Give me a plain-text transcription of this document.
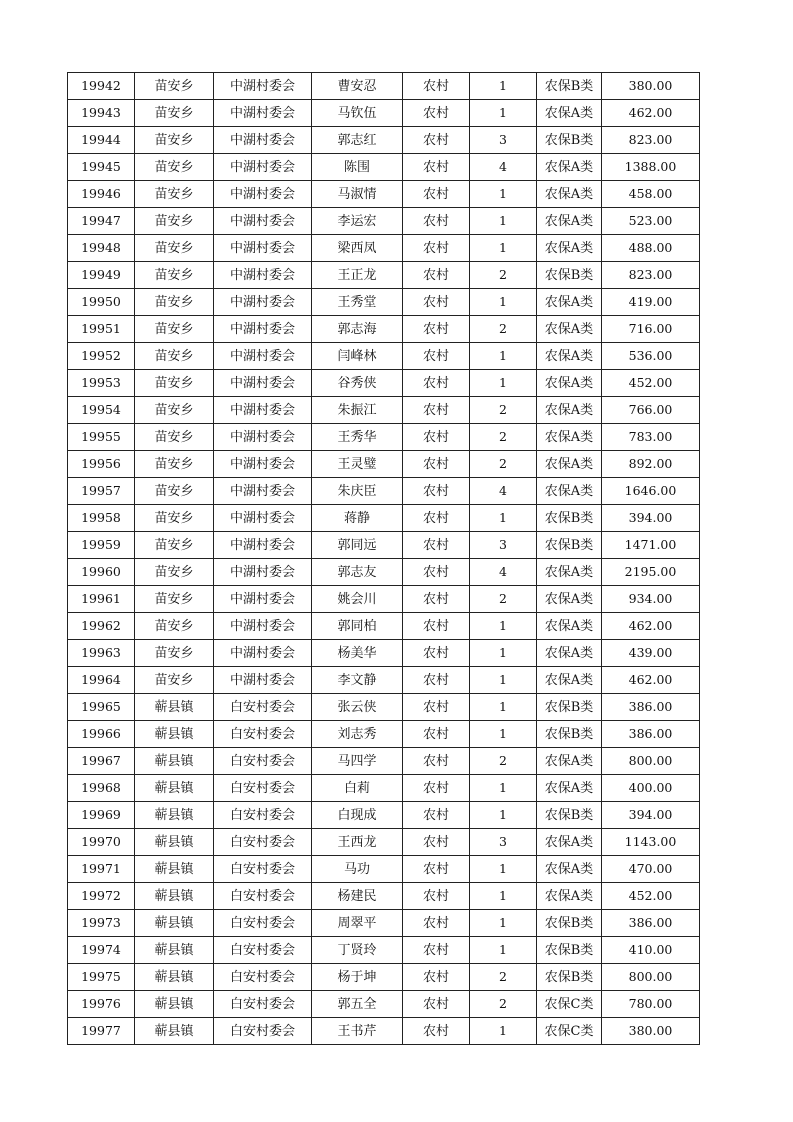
19942	苗安乡	中湖村委会	曹安忍	农村	1	农保B类	380.00
19943	苗安乡	中湖村委会	马钦伍	农村	1	农保A类	462.00
19944	苗安乡	中湖村委会	郭志红	农村	3	农保B类	823.00
19945	苗安乡	中湖村委会	陈围	农村	4	农保A类	1388.00
19946	苗安乡	中湖村委会	马淑情	农村	1	农保A类	458.00
19947	苗安乡	中湖村委会	李运宏	农村	1	农保A类	523.00
19948	苗安乡	中湖村委会	梁西凤	农村	1	农保A类	488.00
19949	苗安乡	中湖村委会	王正龙	农村	2	农保B类	823.00
19950	苗安乡	中湖村委会	王秀堂	农村	1	农保A类	419.00
19951	苗安乡	中湖村委会	郭志海	农村	2	农保A类	716.00
19952	苗安乡	中湖村委会	闫峰林	农村	1	农保A类	536.00
19953	苗安乡	中湖村委会	谷秀侠	农村	1	农保A类	452.00
19954	苗安乡	中湖村委会	朱振江	农村	2	农保A类	766.00
19955	苗安乡	中湖村委会	王秀华	农村	2	农保A类	783.00
19956	苗安乡	中湖村委会	王灵璧	农村	2	农保A类	892.00
19957	苗安乡	中湖村委会	朱庆臣	农村	4	农保A类	1646.00
19958	苗安乡	中湖村委会	蒋静	农村	1	农保B类	394.00
19959	苗安乡	中湖村委会	郭同远	农村	3	农保B类	1471.00
19960	苗安乡	中湖村委会	郭志友	农村	4	农保A类	2195.00
19961	苗安乡	中湖村委会	姚会川	农村	2	农保A类	934.00
19962	苗安乡	中湖村委会	郭同柏	农村	1	农保A类	462.00
19963	苗安乡	中湖村委会	杨美华	农村	1	农保A类	439.00
19964	苗安乡	中湖村委会	李文静	农村	1	农保A类	462.00
19965	蕲县镇	白安村委会	张云侠	农村	1	农保B类	386.00
19966	蕲县镇	白安村委会	刘志秀	农村	1	农保B类	386.00
19967	蕲县镇	白安村委会	马四学	农村	2	农保A类	800.00
19968	蕲县镇	白安村委会	白莉	农村	1	农保A类	400.00
19969	蕲县镇	白安村委会	白现成	农村	1	农保B类	394.00
19970	蕲县镇	白安村委会	王西龙	农村	3	农保A类	1143.00
19971	蕲县镇	白安村委会	马功	农村	1	农保A类	470.00
19972	蕲县镇	白安村委会	杨建民	农村	1	农保A类	452.00
19973	蕲县镇	白安村委会	周翠平	农村	1	农保B类	386.00
19974	蕲县镇	白安村委会	丁贤玲	农村	1	农保B类	410.00
19975	蕲县镇	白安村委会	杨于坤	农村	2	农保B类	800.00
19976	蕲县镇	白安村委会	郭五全	农村	2	农保C类	780.00
19977	蕲县镇	白安村委会	王书芹	农村	1	农保C类	380.00
